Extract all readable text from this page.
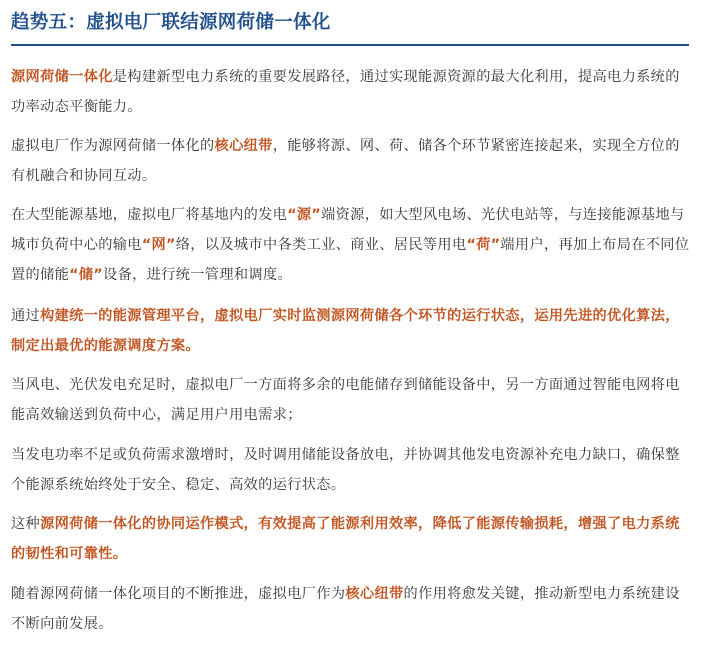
趋势五：虚拟电厂联结源网荷储一体化

源网荷储一体化是构建新型电力系统的重要发展路径，通过实现能源资源的最大化利用，提高电力系统的功率动态平衡能力。

虚拟电厂作为源网荷储一体化的核心纽带，能够将源、网、荷、储各个环节紧密连接起来，实现全方位的有机融合和协同互动。

在大型能源基地，虚拟电厂将基地内的发电“源”端资源，如大型风电场、光伏电站等，与连接能源基地与城市负荷中心的输电“网”络，以及城市中各类工业、商业、居民等用电“荷”端用户，再加上布局在不同位置的储能“储”设备，进行统一管理和调度。

通过构建统一的能源管理平台，虚拟电厂实时监测源网荷储各个环节的运行状态，运用先进的优化算法，制定出最优的能源调度方案。

当风电、光伏发电充足时，虚拟电厂一方面将多余的电能储存到储能设备中，另一方面通过智能电网将电能高效输送到负荷中心，满足用户用电需求；

当发电功率不足或负荷需求激增时，及时调用储能设备放电，并协调其他发电资源补充电力缺口，确保整个能源系统始终处于安全、稳定、高效的运行状态。

这种源网荷储一体化的协同运作模式，有效提高了能源利用效率，降低了能源传输损耗，增强了电力系统的韧性和可靠性。

随着源网荷储一体化项目的不断推进，虚拟电厂作为核心纽带的作用将愈发关键，推动新型电力系统建设不断向前发展。
